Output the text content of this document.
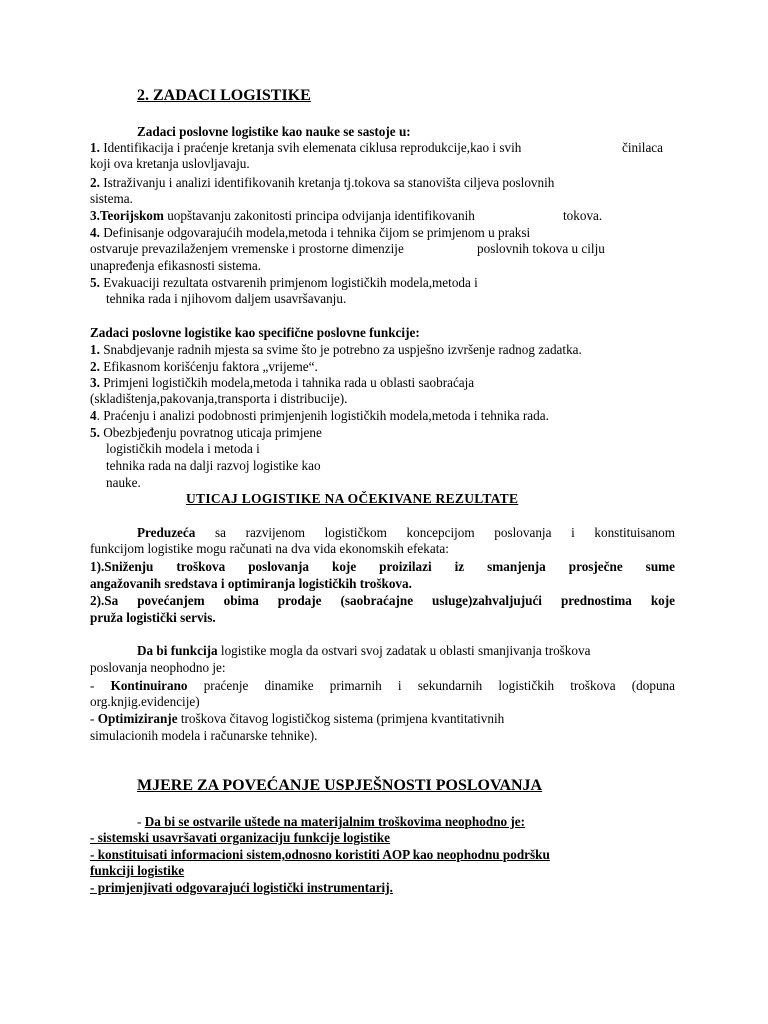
2. ZADACI LOGISTIKE
Zadaci poslovne logistike kao nauke se sastoje u:
1. Identifikacija i praćenje kretanja svih elemenata ciklusa reprodukcije,kao i svih	činilaca
koji ova kretanja uslovljavaju.
2. Istraživanju i analizi identifikovanih kretanja tj.tokova sa stanovišta ciljeva poslovnih
sistema.
3.Teorijskom uopštavanju zakonitosti principa odvijanja identifikovanih	tokova.
4. Definisanje odgovarajućih modela,metoda i tehnika čijom se primjenom u praksi
ostvaruje prevazilaženjem vremenske i prostorne dimenzije	poslovnih tokova u cilju
unapređenja efikasnosti sistema.
5. Evakuaciji rezultata ostvarenih primjenom logističkih modela,metoda i
tehnika rada i njihovom daljem usavršavanju.
Zadaci poslovne logistike kao specifične poslovne funkcije:
1. Snabdjevanje radnih mjesta sa svime što je potrebno za uspješno izvršenje radnog zadatka.
2. Efikasnom korišćenju faktora „vrijeme“.
3. Primjeni logističkih modela,metoda i tahnika rada u oblasti saobraćaja
(skladištenja,pakovanja,transporta i distribucije).
4. Praćenju i analizi podobnosti primjenjenih logističkih modela,metoda i tehnika rada.
5. Obezbjeđenju povratnog uticaja primjene
logističkih modela i metoda i
tehnika rada na dalji razvoj logistike kao
nauke.
UTICAJ LOGISTIKE NA OČEKIVANE REZULTATE
Preduzeća sa razvijenom logističkom koncepcijom poslovanja i konstituisanom
funkcijom logistike mogu računati na dva vida ekonomskih efekata:
1).Sniženju troškova poslovanja koje proizilazi iz smanjenja prosječne sume
angažovanih sredstava i optimiranja logističkih troškova.
2).Sa povećanjem obima prodaje (saobraćajne usluge)zahvaljujući prednostima koje
pruža logistički servis.
Da bi funkcija logistike mogla da ostvari svoj zadatak u oblasti smanjivanja troškova
poslovanja neophodno je:
- Kontinuirano praćenje dinamike primarnih i sekundarnih logističkih troškova (dopuna
org.knjig.evidencije)
- Optimiziranje troškova čitavog logističkog sistema (primjena kvantitativnih
simulacionih modela i računarske tehnike).
MJERE ZA POVEĆANJE USPJEŠNOSTI POSLOVANJA
- Da bi se ostvarile uštede na materijalnim troškovima neophodno je:
- sistemski usavršavati organizaciju funkcije logistike
- konstituisati informacioni sistem,odnosno koristiti AOP kao neophodnu podršku
funkciji logistike
- primjenjivati odgovarajući logistički instrumentarij.
